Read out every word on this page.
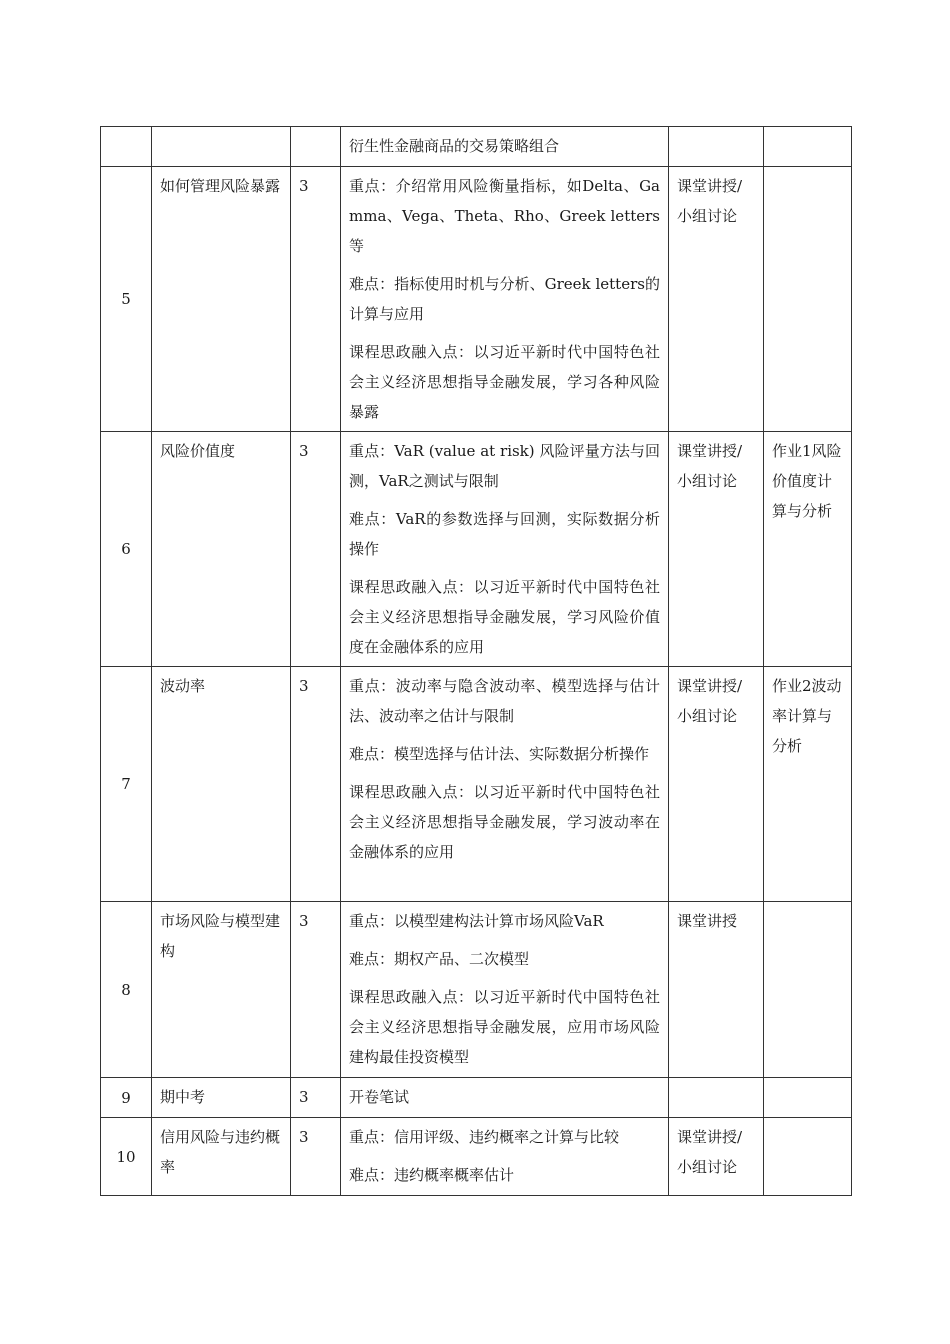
			衍生性金融商品的交易策略组合		

5	如何管理风险暴露	3	重点：介绍常用风险衡量指标，如Delta、Gamma、Vega、Theta、Rho、Greek letters等

难点：指标使用时机与分析、Greek letters的计算与应用

课程思政融入点：以习近平新时代中国特色社会主义经济思想指导金融发展，学习各种风险暴露	课堂讲授/小组讨论	
6	风险价值度	3	重点：VaR (value at risk) 风险评量方法与回测，VaR之测试与限制

难点：VaR的参数选择与回测，实际数据分析操作

课程思政融入点：以习近平新时代中国特色社会主义经济思想指导金融发展，学习风险价值度在金融体系的应用	课堂讲授/小组讨论	作业1风险价值度计算与分析
7	波动率	3	重点：波动率与隐含波动率、模型选择与估计法、波动率之估计与限制

难点：模型选择与估计法、实际数据分析操作

课程思政融入点：以习近平新时代中国特色社会主义经济思想指导金融发展，学习波动率在金融体系的应用	课堂讲授/小组讨论	作业2波动率计算与分析
8	市场风险与模型建构	3	重点：以模型建构法计算市场风险VaR

难点：期权产品、二次模型

课程思政融入点：以习近平新时代中国特色社会主义经济思想指导金融发展，应用市场风险建构最佳投资模型	课堂讲授	
9	期中考	3	开卷笔试		

10	信用风险与违约概率	3	重点：信用评级、违约概率之计算与比较

难点：违约概率概率估计	课堂讲授/小组讨论	
